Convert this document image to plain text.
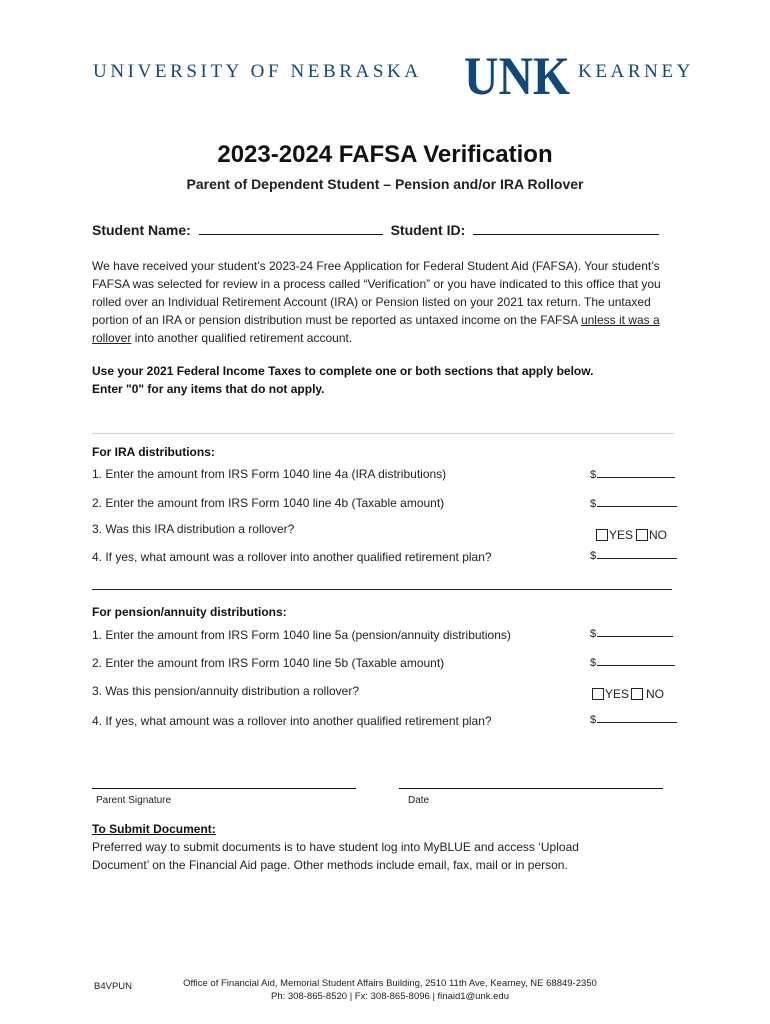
UNIVERSITY OF NEBRASKA UNK KEARNEY
2023-2024 FAFSA Verification
Parent of Dependent Student – Pension and/or IRA Rollover
Student Name:	Student ID:
We have received your student’s 2023-24 Free Application for Federal Student Aid (FAFSA). Your student’s FAFSA was selected for review in a process called “Verification” or you have indicated to this office that you rolled over an Individual Retirement Account (IRA) or Pension listed on your 2021 tax return. The untaxed portion of an IRA or pension distribution must be reported as untaxed income on the FAFSA unless it was a rollover into another qualified retirement account.
Use your 2021 Federal Income Taxes to complete one or both sections that apply below.
Enter "0" for any items that do not apply.
For IRA distributions:
1. Enter the amount from IRS Form 1040 line 4a (IRA distributions)	$
2. Enter the amount from IRS Form 1040 line 4b (Taxable amount)	$
3. Was this IRA distribution a rollover?	YES NO
4. If yes, what amount was a rollover into another qualified retirement plan?	$
For pension/annuity distributions:
1. Enter the amount from IRS Form 1040 line 5a (pension/annuity distributions)	$
2. Enter the amount from IRS Form 1040 line 5b (Taxable amount)	$
3. Was this pension/annuity distribution a rollover?	YES NO
4. If yes, what amount was a rollover into another qualified retirement plan?	$
Parent Signature	Date
To Submit Document:
Preferred way to submit documents is to have student log into MyBLUE and access ‘Upload Document’ on the Financial Aid page. Other methods include email, fax, mail or in person.
B4VPUN	Office of Financial Aid, Memorial Student Affairs Building, 2510 11th Ave, Kearney, NE 68849-2350
Ph: 308-865-8520 | Fx: 308-865-8096 | finaid1@unk.edu
